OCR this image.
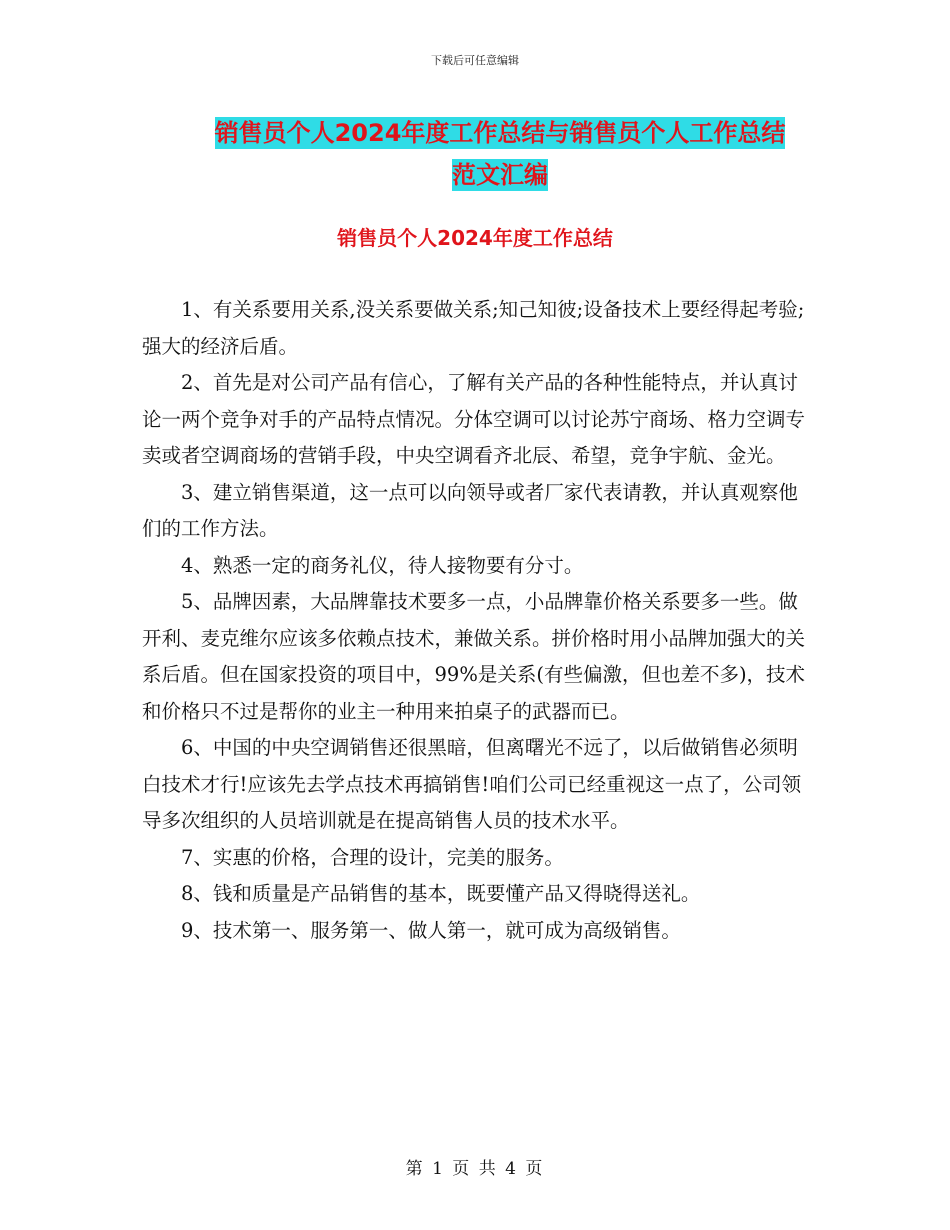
下载后可任意编辑
销售员个人2024年度工作总结与销售员个人工作总结
范文汇编
销售员个人2024年度工作总结

1、有关系要用关系,没关系要做关系;知己知彼;设备技术上要经得起考验;强大的经济后盾。

2、首先是对公司产品有信心，了解有关产品的各种性能特点，并认真讨论一两个竞争对手的产品特点情况。分体空调可以讨论苏宁商场、格力空调专卖或者空调商场的营销手段，中央空调看齐北辰、希望，竞争宇航、金光。

3、建立销售渠道，这一点可以向领导或者厂家代表请教，并认真观察他们的工作方法。

4、熟悉一定的商务礼仪，待人接物要有分寸。

5、品牌因素，大品牌靠技术要多一点，小品牌靠价格关系要多一些。做开利、麦克维尔应该多依赖点技术，兼做关系。拼价格时用小品牌加强大的关系后盾。但在国家投资的项目中，99%是关系(有些偏激，但也差不多)，技术和价格只不过是帮你的业主一种用来拍桌子的武器而已。

6、中国的中央空调销售还很黑暗，但离曙光不远了，以后做销售必须明白技术才行!应该先去学点技术再搞销售!咱们公司已经重视这一点了，公司领导多次组织的人员培训就是在提高销售人员的技术水平。

7、实惠的价格，合理的设计，完美的服务。

8、钱和质量是产品销售的基本，既要懂产品又得晓得送礼。

9、技术第一、服务第一、做人第一，就可成为高级销售。

第 1 页 共 4 页
